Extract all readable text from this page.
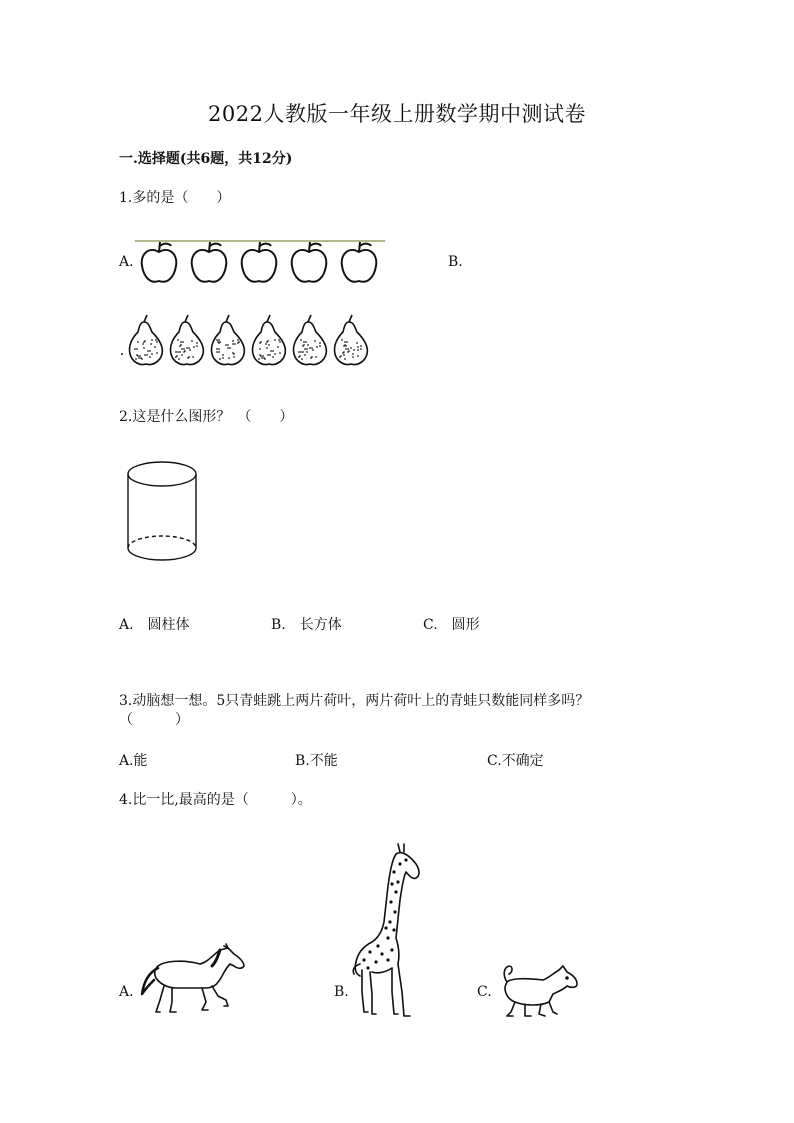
2022人教版一年级上册数学期中测试卷
一.选择题(共6题，共12分)
1.多的是（　　）
A.	B.
2.这是什么图形？　（　　）
A.　圆柱体	B.　长方体	C.　圆形
3.动脑想一想。5只青蛙跳上两片荷叶，两片荷叶上的青蛙只数能同样多吗？
（　　　）
A.能	B.不能	C.不确定
4.比一比,最高的是（　　　）。
A.	B.	C.
